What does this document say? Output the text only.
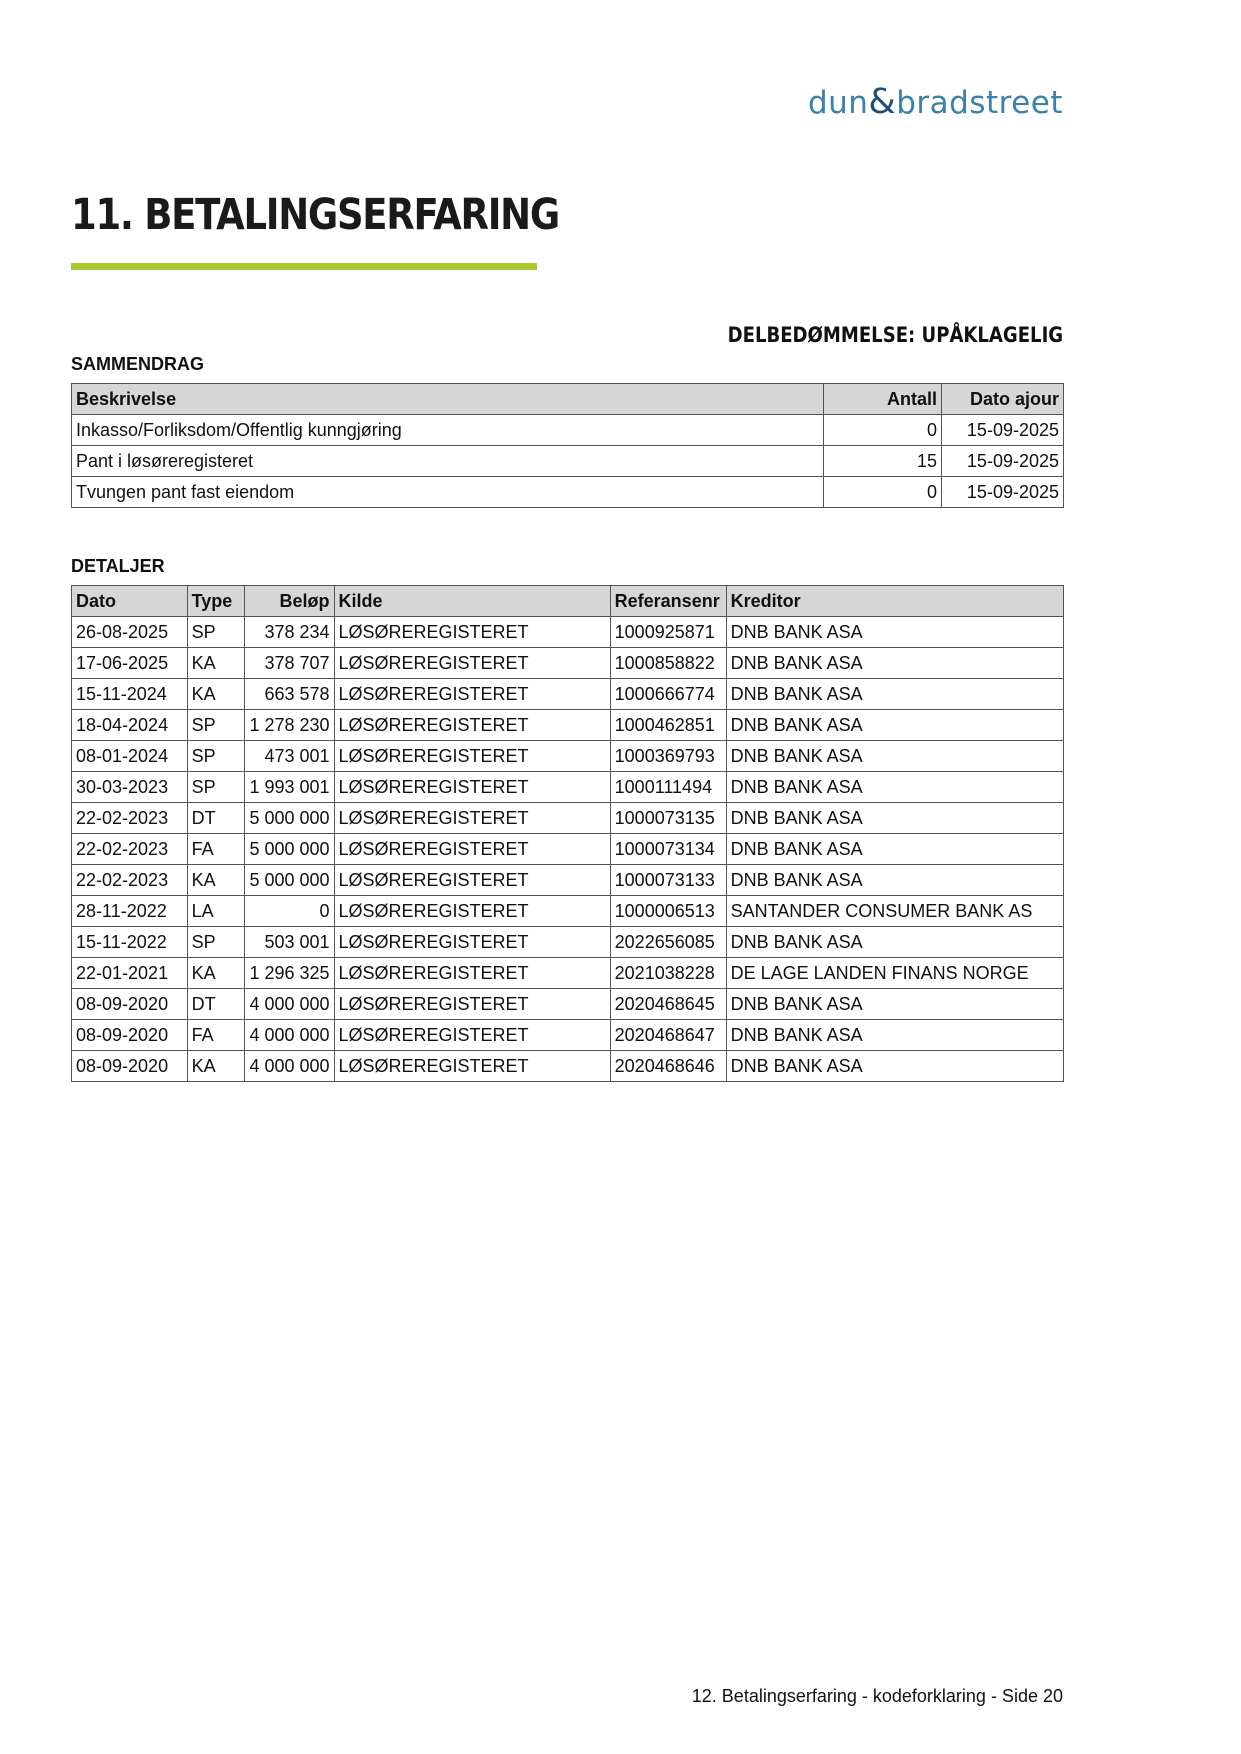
dun&bradstreet
11. BETALINGSERFARING
DELBEDØMMELSE: UPÅKLAGELIG
SAMMENDRAG
Beskrivelse	Antall	Dato ajour
Inkasso/Forliksdom/Offentlig kunngjøring	0	15-09-2025
Pant i løsøreregisteret	15	15-09-2025
Tvungen pant fast eiendom	0	15-09-2025
DETALJER
Dato	Type	Beløp	Kilde	Referansenr	Kreditor
26-08-2025	SP	378 234	LØSØREREGISTERET	1000925871	DNB BANK ASA
17-06-2025	KA	378 707	LØSØREREGISTERET	1000858822	DNB BANK ASA
15-11-2024	KA	663 578	LØSØREREGISTERET	1000666774	DNB BANK ASA
18-04-2024	SP	1 278 230	LØSØREREGISTERET	1000462851	DNB BANK ASA
08-01-2024	SP	473 001	LØSØREREGISTERET	1000369793	DNB BANK ASA
30-03-2023	SP	1 993 001	LØSØREREGISTERET	1000111494	DNB BANK ASA
22-02-2023	DT	5 000 000	LØSØREREGISTERET	1000073135	DNB BANK ASA
22-02-2023	FA	5 000 000	LØSØREREGISTERET	1000073134	DNB BANK ASA
22-02-2023	KA	5 000 000	LØSØREREGISTERET	1000073133	DNB BANK ASA
28-11-2022	LA	0	LØSØREREGISTERET	1000006513	SANTANDER CONSUMER BANK AS
15-11-2022	SP	503 001	LØSØREREGISTERET	2022656085	DNB BANK ASA
22-01-2021	KA	1 296 325	LØSØREREGISTERET	2021038228	DE LAGE LANDEN FINANS NORGE
08-09-2020	DT	4 000 000	LØSØREREGISTERET	2020468645	DNB BANK ASA
08-09-2020	FA	4 000 000	LØSØREREGISTERET	2020468647	DNB BANK ASA
08-09-2020	KA	4 000 000	LØSØREREGISTERET	2020468646	DNB BANK ASA
12. Betalingserfaring - kodeforklaring - Side 20
